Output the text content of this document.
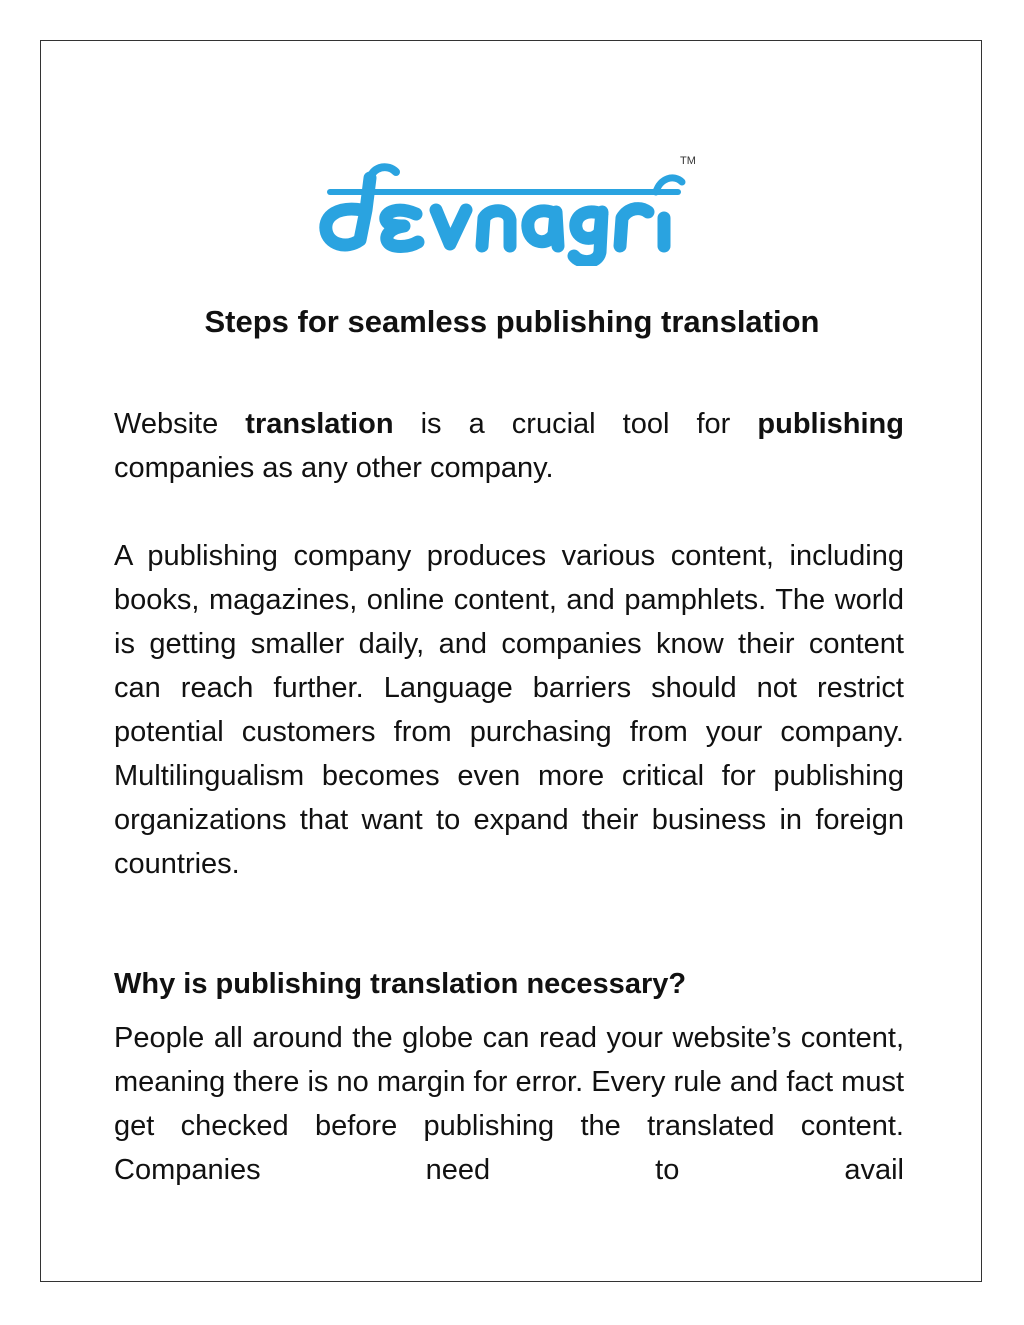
TM
Steps for seamless publishing translation
Website translation is a crucial tool for publishing companies as any other company.
A publishing company produces various content, including books, magazines, online content, and pamphlets. The world is getting smaller daily, and companies know their content can reach further. Language barriers should not restrict potential customers from purchasing from your company. Multilingualism becomes even more critical for publishing organizations that want to expand their business in foreign countries.
Why is publishing translation necessary?
People all around the globe can read your website’s content, meaning there is no margin for error. Every rule and fact must get checked before publishing the translated content. Companies need to avail
